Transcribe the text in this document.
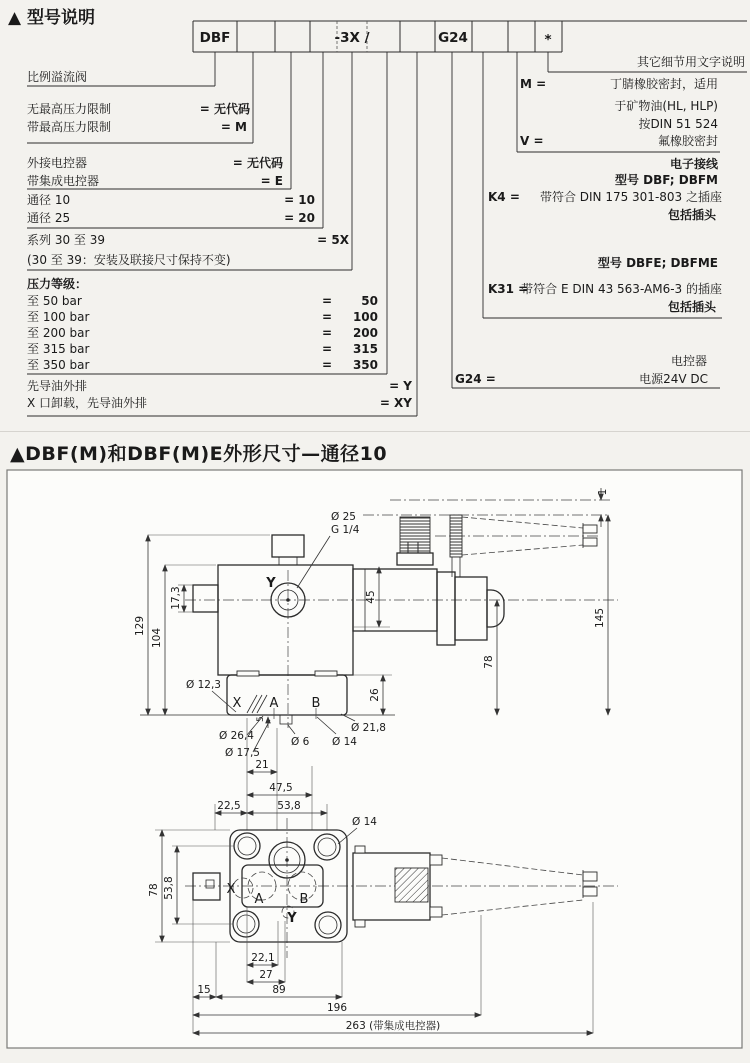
▲ 型号说明
DBF	-3X /	G24	*
比例溢流阀
无最高压力限制	= 无代码
带最高压力限制	= M
外接电控器	= 无代码
带集成电控器	= E
通径 10	= 10
通径 25	= 20
系列 30 至 39	= 5X
(30 至 39：安装及联接尺寸保持不变)
压力等级：
至 50 bar	= 50
至 100 bar	= 100
至 200 bar	= 200
至 315 bar	= 315
至 350 bar	= 350
先导油外排	= Y
X 口卸载，先导油外排	= XY
其它细节用文字说明
M =	丁腈橡胶密封，适用
于矿物油(HL, HLP)
按DIN 51 524
V =	氟橡胶密封
电子接线
型号 DBF; DBFM
K4 = 带符合 DIN 175 301-803 之插座
包括插头
型号 DBFE; DBFME
K31 =
带符合 E DIN 43 563-AM6-3 的插座
包括插头
电控器
G24 =	电源24V DC
▲DBF(M)和DBF(M)E外形尺寸—通径10
Y
X A	B
Ø 25
G 1/4
129
104
17,3	45
26
78
145
1
Ø 12,3
Ø 26,4
Ø 17,5
Ø 6 Ø 14
Ø 21,8
5
21
47,5
22,5	53,8
X
A	B
Y
Ø 14
78 53,8
22,1
27
15	89
196
263 (带集成电控器)
